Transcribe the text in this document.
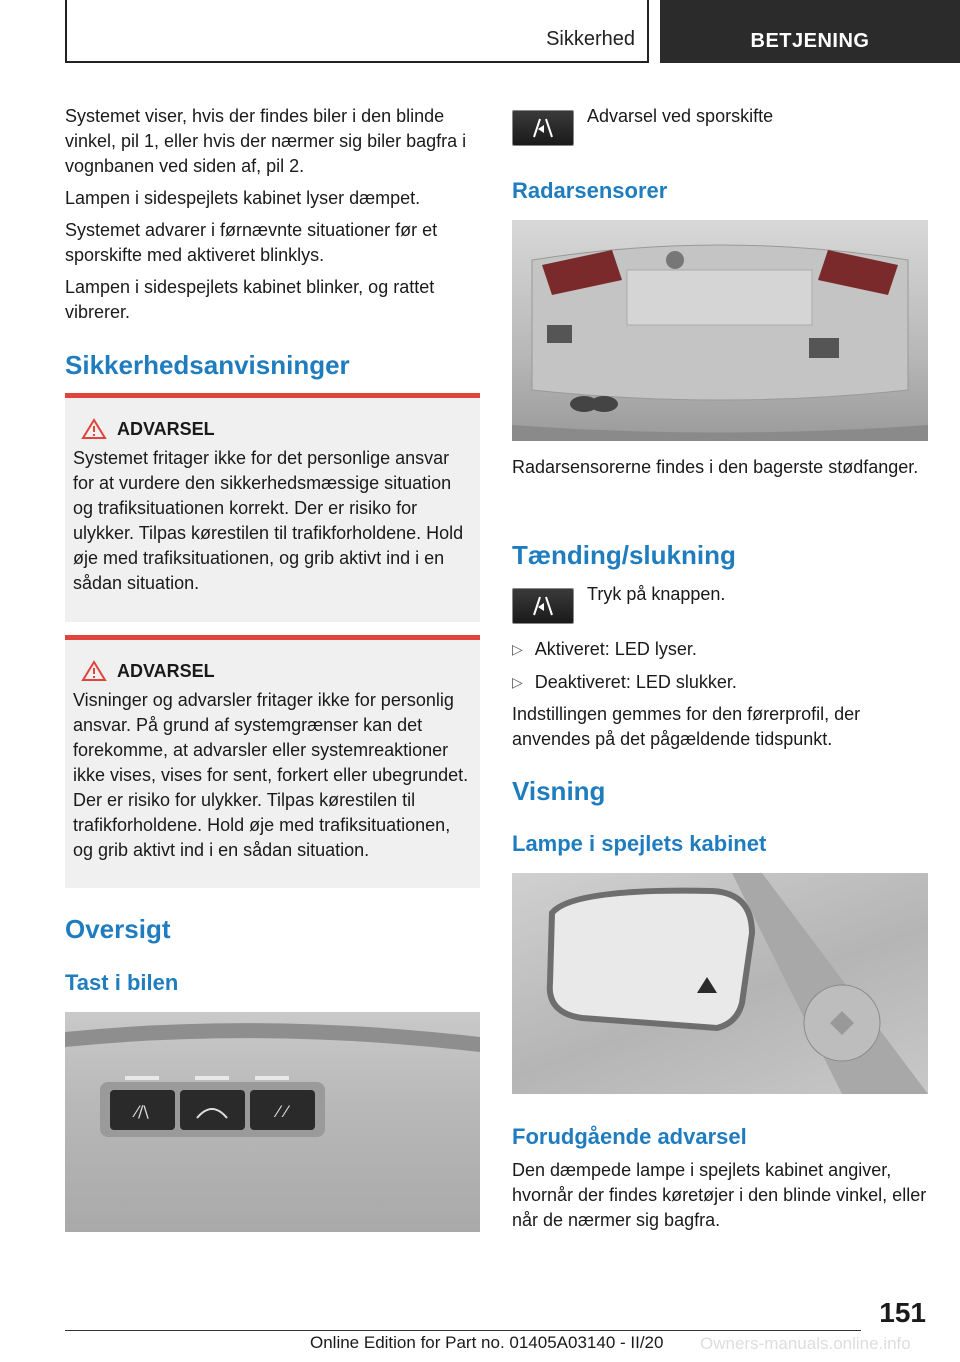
Sikkerhed	BETJENING

Systemet viser, hvis der findes biler i den blinde vinkel, pil 1, eller hvis der nærmer sig biler bagfra i vognbanen ved siden af, pil 2.

Lampen i sidespejlets kabinet lyser dæmpet.

Systemet advarer i førnævnte situationer før et sporskifte med aktiveret blinklys.

Lampen i sidespejlets kabinet blinker, og rattet vibrerer.

Sikkerhedsanvisninger
ADVARSEL
Systemet fritager ikke for det personlige ansvar for at vurdere den sikkerhedsmæssige situation og trafiksituationen korrekt. Der er risiko for ulykker. Tilpas kørestilen til trafikforholdene. Hold øje med trafiksituationen, og grib aktivt ind i en sådan situation.
ADVARSEL
Visninger og advarsler fritager ikke for personlig ansvar. På grund af systemgrænser kan det forekomme, at advarsler eller systemreaktioner ikke vises, vises for sent, forkert eller ubegrundet. Der er risiko for ulykker. Tilpas kørestilen til trafikforholdene. Hold øje med trafiksituationen, og grib aktivt ind i en sådan situation.
Oversigt
Tast i bilen
⁄∕\	⁄ ⁄
Advarsel ved sporskifte
Radarsensorer
Radarsensorerne findes i den bagerste stødfanger.
Tænding/slukning
Tryk på knappen.
▷ Aktiveret: LED lyser.
▷ Deaktiveret: LED slukker.
Indstillingen gemmes for den førerprofil, der anvendes på det pågældende tidspunkt.
Visning
Lampe i spejlets kabinet
Forudgående advarsel
Den dæmpede lampe i spejlets kabinet angiver, hvornår der findes køretøjer i den blinde vinkel, eller når de nærmer sig bagfra.
151
Online Edition for Part no. 01405A03140 - II/20 Owners-manuals.online.info
